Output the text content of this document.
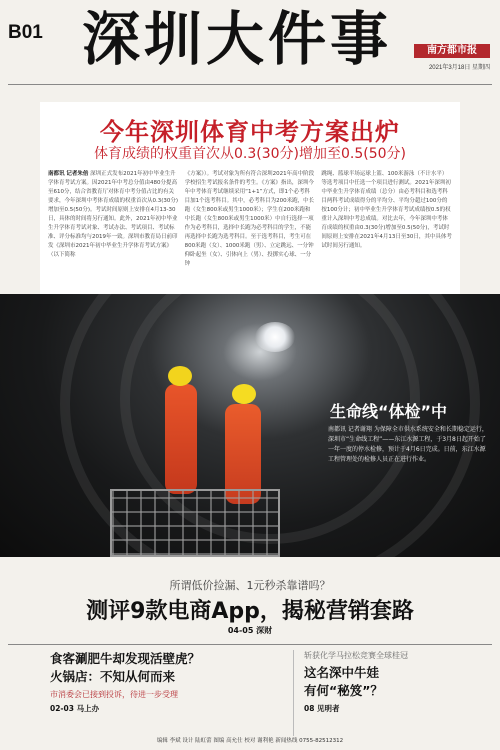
B01 深圳大件事	南方都市报
2021年3月18日 星期四
今年深圳体育中考方案出炉
体育成绩的权重首次从0.3(30分)增加至0.5(50分)
南都讯 记者朱倍 深圳正式发布2021年初中毕业生升学体育考试方案。因2021年中考总分值由480分提高至610分，结合省教育厅对体育中考分值占比的有关要求，今年深圳中考体育成绩的权重首次从0.3(30分)增加至0.5(50分)。考试时间原则上安排在4月13-30日，具体的时间将另行通知。此外，2021年初中毕业生升学体育考试对象、考试办法、考试项目、考试标准、评分标准均与2019年一致。深圳市教育局日前印发《深圳市2021年初中毕业生升学体育考试方案》（以下简称
《方案》）。考试对象为所有符合深圳2021年高中阶段学校招生考试报名条件的考生。《方案》指出，深圳今年中考体育考试继续采用“1+1”方式，即1个必考科目加1个选考科目。其中，必考科目为200米跑，中长跑（女生800米或男生1000米）；学生在200米跑和中长跑（女生800米或男生1000米）中自行选择一项作为必考科目，选择中长跑为必考科目的学生，不能再选择中长跑为选考科目。至于选考科目，考生可在800米跑（女）、1000米跑（男）、立定跳远、一分钟仰卧起坐（女）、引体向上（男）、投掷实心球、一分钟
跳绳、篮球半场运球上篮、100米游泳（不计水平）等选考项目中任选一个项目进行测试。2021年深圳初中毕业生升学体育成绩（总分）由必考科目和选考科目两科考试成绩得分的平均分、平均分超过100分的按100分计；初中毕业生升学体育考试成绩按0.5的权重计入深圳中考总成绩。对比去年，今年深圳中考体育成绩的权重由0.3(30分)增加至0.5(50分)，考试时间原则上安排在2021年4月13日至30日，其中具体考试时间另行通知。
生命线“体检”中
南都讯 记者谢翔 为保障全市供水系统安全和长期稳定运行，深圳市“生命线工程”——东江水源工程，于3月8日起开始了一年一度的停水检修，预计于4月6日完成。日前，东江水源工程管理处的检修人员正在进行作业。
所谓低价捡漏、1元秒杀靠谱吗？
测评9款电商App，揭秘营销套路
04-05 深财
食客涮肥牛却发现活壁虎？
火锅店：不知从何而来
市消委会已接到投诉，待进一步受理
02-03 马上办
斩获化学马拉松竞赛全球桂冠
这名深中牛娃
有何“秘笈”？
08 见明者
编辑 李斌 设计 陆虹蕾 图编 高允仕 校对 谢利艳 新闻热线 0755-82512312
